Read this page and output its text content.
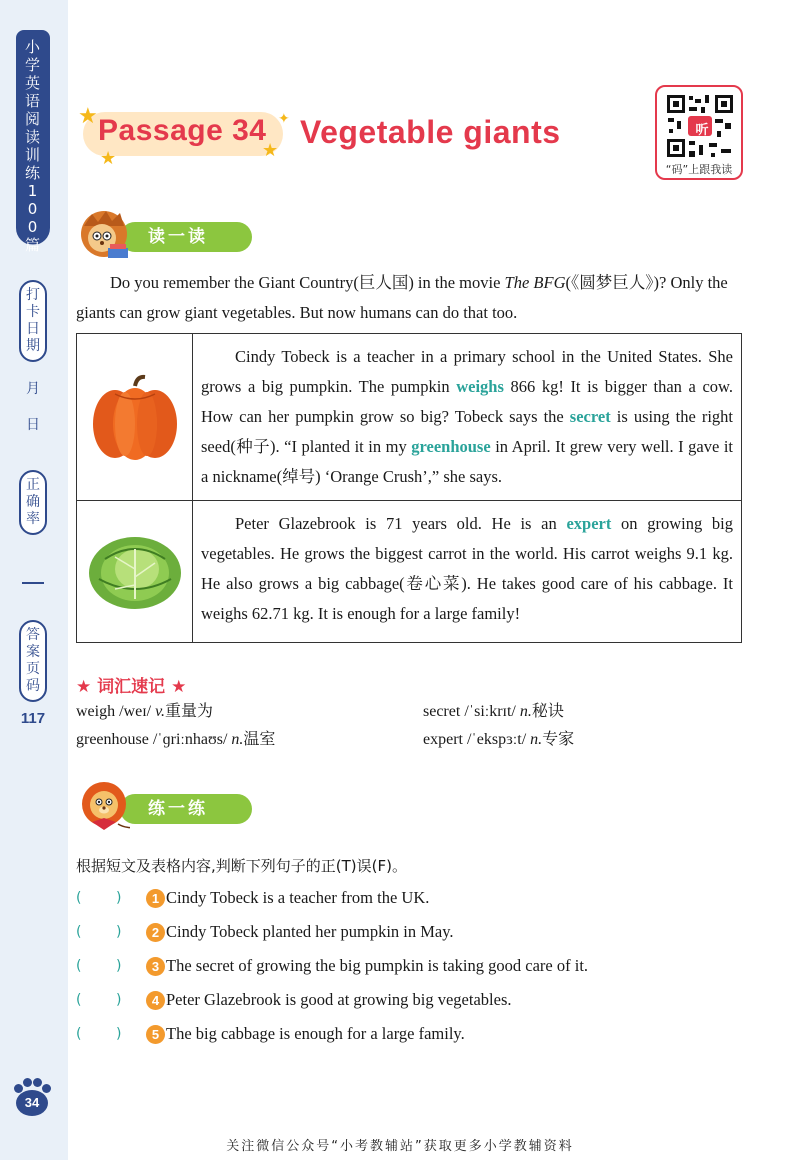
小学英语阅读训练100篇
打卡日期
月
日
正确率
答案页码
117
34
★
★	★
✦
Passage 34 Vegetable giants	听
“码”上跟我读
读一读

Do you remember the Giant Country(巨人国) in the movie The BFG(《圆梦巨人》)? Only the giants can grow giant vegetables. But now humans can do that too.

Cindy Tobeck is a teacher in a primary school in the United States. She grows a big pumpkin. The pumpkin weighs 866 kg! It is bigger than a cow. How can her pumpkin grow so big? Tobeck says the secret is using the right seed(种子). “I planted it in my greenhouse in April. It grew very well. I gave it a nickname(绰号) ‘Orange Crush’,” she says.

Peter Glazebrook is 71 years old. He is an expert on growing big vegetables. He grows the biggest carrot in the world. His carrot weighs 9.1 kg. He also grows a big cabbage(卷心菜). He takes good care of his cabbage. It weighs 62.71 kg. It is enough for a large family!

★ 词汇速记 ★
weigh /weɪ/ v.重量为	secret /ˈsiːkrɪt/ n.秘诀
greenhouse /ˈɡriːnhaʊs/ n.温室	expert /ˈekspɜːt/ n.专家
练一练
根据短文及表格内容,判断下列句子的正(T)误(F)。
( )	1 Cindy Tobeck is a teacher from the UK.
( )	2 Cindy Tobeck planted her pumpkin in May.
( )	3 The secret of growing the big pumpkin is taking good care of it.
( )	4 Peter Glazebrook is good at growing big vegetables.
( )	5 The big cabbage is enough for a large family.
关注微信公众号“小考教辅站”获取更多小学教辅资料
